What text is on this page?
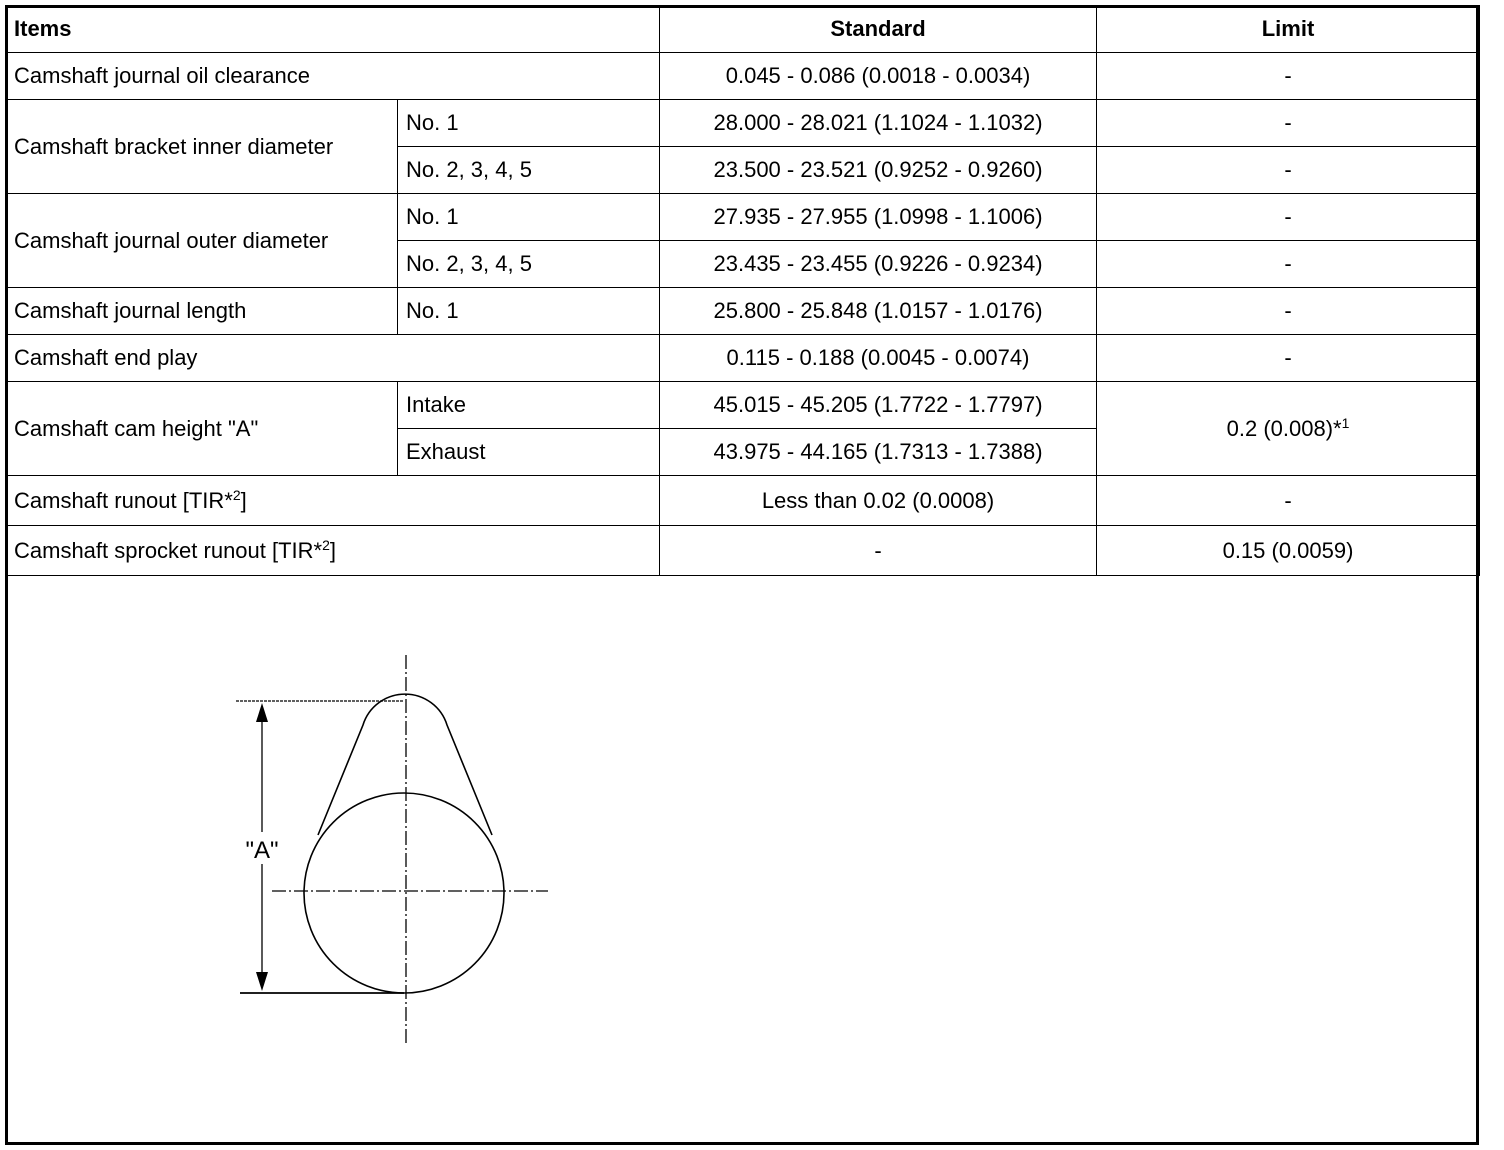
Items		Standard	Limit
Camshaft journal oil clearance		0.045 - 0.086 (0.0018 - 0.0034)	-
Camshaft bracket inner diameter	No. 1	28.000 - 28.021 (1.1024 - 1.1032)	-
	No. 2, 3, 4, 5	23.500 - 23.521 (0.9252 - 0.9260)	-
Camshaft journal outer diameter	No. 1	27.935 - 27.955 (1.0998 - 1.1006)	-
	No. 2, 3, 4, 5	23.435 - 23.455 (0.9226 - 0.9234)	-
Camshaft journal length	No. 1	25.800 - 25.848 (1.0157 - 1.0176)	-
Camshaft end play		0.115 - 0.188 (0.0045 - 0.0074)	-
Camshaft cam height "A"	Intake	45.015 - 45.205 (1.7722 - 1.7797)	0.2 (0.008)*$^1$
	Exhaust	43.975 - 44.165 (1.7313 - 1.7388)	
Camshaft runout [TIR*$^2$]		Less than 0.02 (0.0008)	-
Camshaft sprocket runout [TIR*$^2$]		-	0.15 (0.0059)
"A"
